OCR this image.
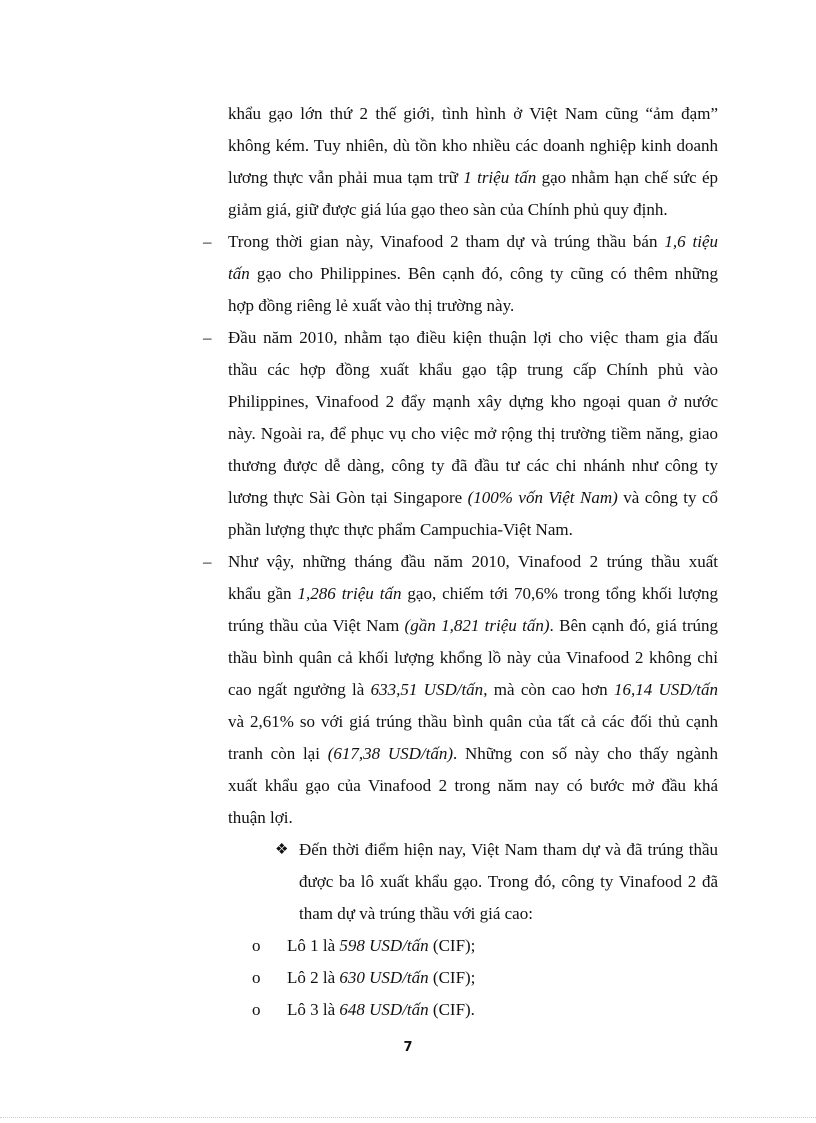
khẩu gạo lớn thứ 2 thế giới, tình hình ở Việt Nam cũng “ảm đạm”
không kém. Tuy nhiên, dù tồn kho nhiều các doanh nghiệp kinh doanh
lương thực vẫn phải mua tạm trữ 1 triệu tấn gạo nhằm hạn chế sức ép
giảm giá, giữ được giá lúa gạo theo sàn của Chính phủ quy định.
– Trong thời gian này, Vinafood 2 tham dự và trúng thầu bán 1,6 tiệu
tấn gạo cho Philippines. Bên cạnh đó, công ty cũng có thêm những
hợp đồng riêng lẻ xuất vào thị trường này.
– Đầu năm 2010, nhằm tạo điều kiện thuận lợi cho việc tham gia đấu
thầu các hợp đồng xuất khẩu gạo tập trung cấp Chính phủ vào
Philippines, Vinafood 2 đẩy mạnh xây dựng kho ngoại quan ở nước
này. Ngoài ra, để phục vụ cho việc mở rộng thị trường tiềm năng, giao
thương được dễ dàng, công ty đã đầu tư các chi nhánh như công ty
lương thực Sài Gòn tại Singapore (100% vốn Việt Nam) và công ty cổ
phần lượng thực thực phẩm Campuchia-Việt Nam.
– Như vậy, những tháng đầu năm 2010, Vinafood 2 trúng thầu xuất
khẩu gần 1,286 triệu tấn gạo, chiếm tới 70,6% trong tổng khối lượng
trúng thầu của Việt Nam (gần 1,821 triệu tấn). Bên cạnh đó, giá trúng
thầu bình quân cả khối lượng khổng lồ này của Vinafood 2 không chỉ
cao ngất ngưởng là 633,51 USD/tấn, mà còn cao hơn 16,14 USD/tấn
và 2,61% so với giá trúng thầu bình quân của tất cả các đối thủ cạnh
tranh còn lại (617,38 USD/tấn). Những con số này cho thấy ngành
xuất khẩu gạo của Vinafood 2 trong năm nay có bước mở đầu khá
thuận lợi.
❖ Đến thời điểm hiện nay, Việt Nam tham dự và đã trúng thầu
được ba lô xuất khẩu gạo. Trong đó, công ty Vinafood 2 đã
tham dự và trúng thầu với giá cao:
o Lô 1 là 598 USD/tấn (CIF);
o Lô 2 là 630 USD/tấn (CIF);
o Lô 3 là 648 USD/tấn (CIF).
7
